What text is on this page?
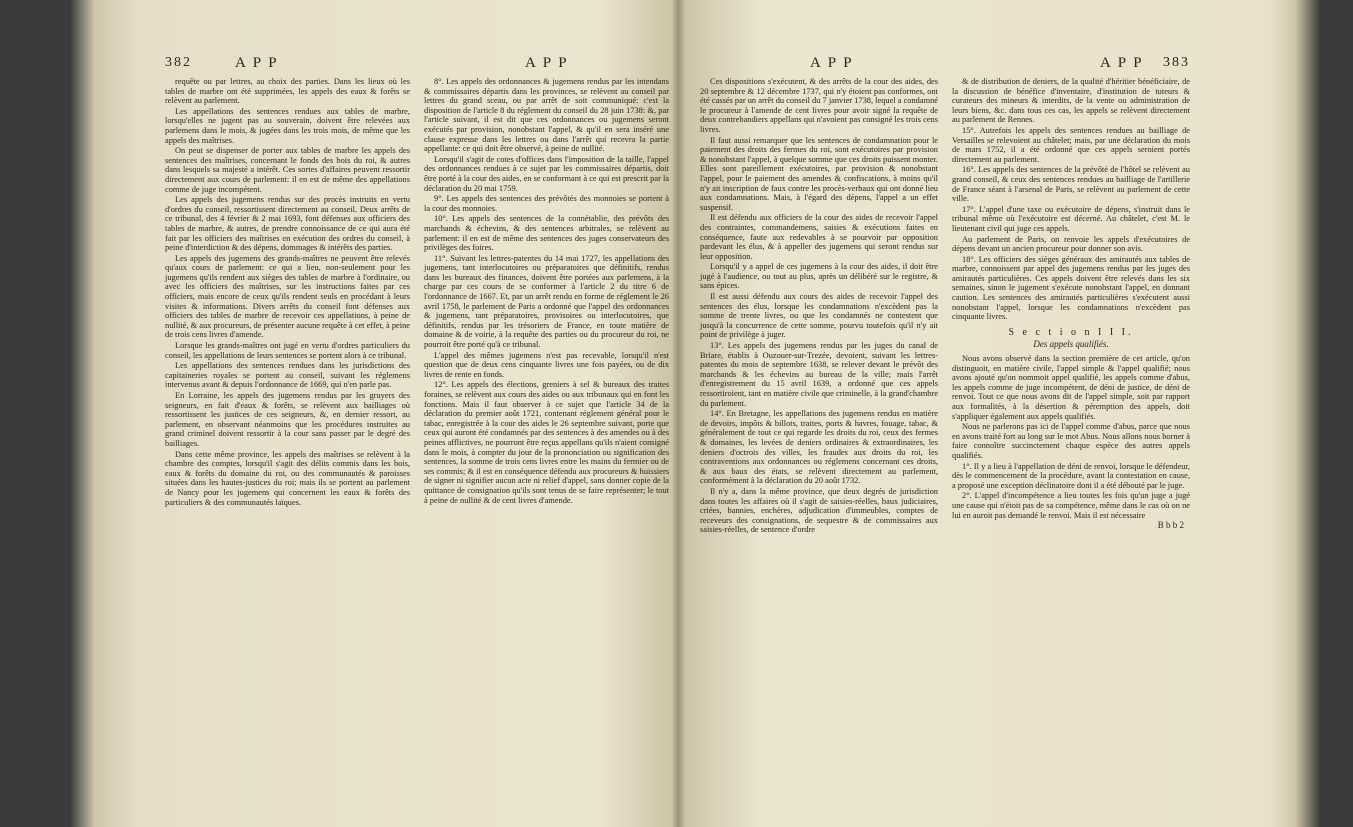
382	A P P	A P P

requête ou par lettres, au choix des parties. Dans les lieux où les tables de marbre ont été supprimées, les appels des eaux & forêts se relèvent au parlement.

Les appellations des sentences rendues aux tables de marbre, lorsqu'elles ne jugent pas au souverain, doivent être relevées aux parlemens dans le mois, & jugées dans les trois mois, de même que les appels des maîtrises.

On peut se dispenser de porter aux tables de marbre les appels des sentences des maîtrises, concernant le fonds des bois du roi, & autres dans lesquels sa majesté a intérêt. Ces sortes d'affaires peuvent ressortir directement aux cours de parlement: il en est de même des appellations comme de juge incompétent.

Les appels des jugemens rendus sur des procès instruits en vertu d'ordres du conseil, ressortissent directement au conseil. Deux arrêts de ce tribunal, des 4 février & 2 mai 1693, font défenses aux officiers des tables de marbre, & autres, de prendre connoissance de ce qui aura été fait par les officiers des maîtrises en exécution des ordres du conseil, à peine d'interdiction & des dépens, dommages & intérêts des parties.

Les appels des jugemens des grands-maîtres ne peuvent être relevés qu'aux cours de parlement: ce qui a lieu, non-seulement pour les jugemens qu'ils rendent aux sièges des tables de marbre à l'ordinaire, ou avec les officiers des maîtrises, sur les instructions faites par ces officiers, mais encore de ceux qu'ils rendent seuls en procédant à leurs visites & informations. Divers arrêts du conseil font défenses aux officiers des tables de marbre de recevoir ces appellations, à peine de nullité, & aux procureurs, de présenter aucune requête à cet effet, à peine de trois cens livres d'amende.

Lorsque les grands-maîtres ont jugé en vertu d'ordres particuliers du conseil, les appellations de leurs sentences se portent alors à ce tribunal.

Les appellations des sentences rendues dans les jurisdictions des capitaineries royales se portent au conseil, suivant les réglemens intervenus avant & depuis l'ordonnance de 1669, qui n'en parle pas.

En Lorraine, les appels des jugemens rendus par les gruyers des seigneurs, en fait d'eaux & forêts, se relèvent aux bailliages où ressortissent les justices de ces seigneurs, &, en dernier ressort, au parlement, en observant néanmoins que les procédures instruites au grand criminel doivent ressortir à la cour sans passer par le degré des bailliages.

Dans cette même province, les appels des maîtrises se relèvent à la chambre des comptes, lorsqu'il s'agit des délits commis dans les bois, eaux & forêts du domaine du roi, ou des communautés & paroisses situées dans les hautes-justices du roi; mais ils se portent au parlement de Nancy pour les jugemens qui concernent les eaux & forêts des particuliers & des communautés laïques.

8°. Les appels des ordonnances & jugemens rendus par les intendans & commissaires départis dans les provinces, se relèvent au conseil par lettres du grand sceau, ou par arrêt de soit communiqué: c'est la disposition de l'article 8 du réglement du conseil du 28 juin 1738: &, par l'article suivant, il est dit que ces ordonnances ou jugemens seront exécutés par provision, nonobstant l'appel, & qu'il en sera inséré une clause expresse dans les lettres ou dans l'arrêt qui recevra la partie appellante: ce qui doit être observé, à peine de nullité.

Lorsqu'il s'agit de cotes d'offices dans l'imposition de la taille, l'appel des ordonnances rendues à ce sujet par les commissaires départis, doit être porté à la cour des aides, en se conformant à ce qui est prescrit par la déclaration du 20 mai 1759.

9°. Les appels des sentences des prévôtés des monnoies se portent à la cour des monnoies.

10°. Les appels des sentences de la connétablie, des prévôts des marchands & échevins, & des sentences arbitrales, se relèvent au parlement: il en est de même des sentences des juges conservateurs des privilèges des foires.

11°. Suivant les lettres-patentes du 14 mai 1727, les appellations des jugemens, tant interlocutoires ou préparatoires que définitifs, rendus dans les bureaux des finances, doivent être portées aux parlemens, à la charge par ces cours de se conformer à l'article 2 du titre 6 de l'ordonnance de 1667. Et, par un arrêt rendu en forme de réglement le 26 avril 1758, le parlement de Paris a ordonné que l'appel des ordonnances & jugemens, tant préparatoires, provisoires ou interlocutoires, que définitifs, rendus par les trésoriers de France, en toute matière de domaine & de voirie, à la requête des parties ou du procureur du roi, ne pourroit être porté qu'à ce tribunal.

L'appel des mêmes jugemens n'est pas recevable, lorsqu'il n'est question que de deux cens cinquante livres une fois payées, ou de dix livres de rente en fonds.

12°. Les appels des élections, greniers à sel & bureaux des traites foraines, se relèvent aux cours des aides ou aux tribunaux qui en font les fonctions. Mais il faut observer à ce sujet que l'article 34 de la déclaration du premier août 1721, contenant réglement général pour le tabac, enregistrée à la cour des aides le 26 septembre suivant, porte que ceux qui auront été condamnés par des sentences à des amendes ou à des peines afflictives, ne pourront être reçus appellans qu'ils n'aient consigné dans le mois, à compter du jour de la prononciation ou signification des sentences, la somme de trois cens livres entre les mains du fermier ou de ses commis; & il est en conséquence défendu aux procureurs & huissiers de signer ni signifier aucun acte ni relief d'appel, sans donner copie de la quittance de consignation qu'ils sont tenus de se faire représenter; le tout à peine de nullité & de cent livres d'amende.

A P P	A P P 383

Ces dispositions s'exécutent, & des arrêts de la cour des aides, des 20 septembre & 12 décembre 1737, qui n'y étoient pas conformes, ont été cassés par un arrêt du conseil du 7 janvier 1738, lequel a condamné le procureur à l'amende de cent livres pour avoir signé la requête de deux contrebandiers appellans qui n'avoient pas consigné les trois cens livres.

Il faut aussi remarquer que les sentences de condamnation pour le paiement des droits des fermes du roi, sont exécutoires par provision & nonobstant l'appel, à quelque somme que ces droits puissent monter. Elles sont pareillement exécutoires, par provision & nonobstant l'appel, pour le paiement des amendes & confiscations, à moins qu'il n'y ait inscription de faux contre les procès-verbaux qui ont donné lieu aux condamnations. Mais, à l'égard des dépens, l'appel a un effet suspensif.

Il est défendu aux officiers de la cour des aides de recevoir l'appel des contraintes, commandemens, saisies & exécutions faites en conséquence, faute aux redevables à se pourvoir par opposition pardevant les élus, & à appeller des jugemens qui seront rendus sur leur opposition.

Lorsqu'il y a appel de ces jugemens à la cour des aides, il doit être jugé à l'audience, ou tout au plus, après un délibéré sur le registre, & sans épices.

Il est aussi défendu aux cours des aides de recevoir l'appel des sentences des élus, lorsque les condamnations n'excèdent pas la somme de trente livres, ou que les condamnés ne contestent que jusqu'à la concurrence de cette somme, pourvu toutefois qu'il n'y ait point de privilège à juger.

13°. Les appels des jugemens rendus par les juges du canal de Briare, établis à Ouzouer-sur-Trezée, devoient, suivant les lettres-patentes du mois de septembre 1638, se relever devant le prévôt des marchands & les échevins au bureau de la ville; mais l'arrêt d'enregistrement du 15 avril 1639, a ordonné que ces appels ressortiroient, tant en matière civile que criminelle, à la grand'chambre du parlement.

14°. En Bretagne, les appellations des jugemens rendus en matière de devoirs, impôts & billots, traites, ports & havres, fouage, tabac, & généralement de tout ce qui regarde les droits du roi, ceux des fermes & domaines, les levées de deniers ordinaires & extraordinaires, les deniers d'octrois des villes, les fraudes aux droits du roi, les contraventions aux ordonnances ou réglemens concernant ces droits, & aux baux des états, se relèvent directement au parlement, conformément à la déclaration du 20 août 1732.

Il n'y a, dans la même province, que deux degrés de jurisdiction dans toutes les affaires où il s'agit de saisies-réelles, baux judiciaires, criées, bannies, enchères, adjudication d'immeubles, comptes de receveurs des consignations, de sequestre & de commissaires aux saisies-réelles, de sentence d'ordre

& de distribution de deniers, de la qualité d'héritier bénéficiaire, de la discussion de bénéfice d'inventaire, d'institution de tuteurs & curateurs des mineurs & interdits, de la vente ou administration de leurs biens, &c. dans tous ces cas, les appels se relèvent directement au parlement de Rennes.

15°. Autrefois les appels des sentences rendues au bailliage de Versailles se relevoient au châtelet; mais, par une déclaration du mois de mars 1752, il a été ordonné que ces appels seroient portés directement au parlement.

16°. Les appels des sentences de la prévôté de l'hôtel se relèvent au grand conseil, & ceux des sentences rendues au bailliage de l'artillerie de France séant à l'arsenal de Paris, se relèvent au parlement de cette ville.

17°. L'appel d'une taxe ou exécutoire de dépens, s'instruit dans le tribunal même où l'exécutoire est décerné. Au châtelet, c'est M. le lieutenant civil qui juge ces appels.

Au parlement de Paris, on renvoie les appels d'exécutoires de dépens devant un ancien procureur pour donner son avis.

18°. Les officiers des sièges généraux des amirautés aux tables de marbre, connoissent par appel des jugemens rendus par les juges des amirautés particulières. Ces appels doivent être relevés dans les six semaines, sinon le jugement s'exécute nonobstant l'appel, en donnant caution. Les sentences des amirautés particulières s'exécutent aussi nonobstant l'appel, lorsque les condamnations n'excèdent pas cinquante livres.

S e c t i o n I I I.
Des appels qualifiés.

Nous avons observé dans la section première de cet article, qu'on distinguoit, en matière civile, l'appel simple & l'appel qualifié; nous avons ajouté qu'on nommoit appel qualifié, les appels comme d'abus, les appels comme de juge incompétent, de déni de justice, de déni de renvoi. Tout ce que nous avons dit de l'appel simple, soit par rapport aux formalités, à la désertion & péremption des appels, doit s'appliquer également aux appels qualifiés.

Nous ne parlerons pas ici de l'appel comme d'abus, parce que nous en avons traité fort au long sur le mot Abus. Nous allons nous borner à faire connoître succinctement chaque espèce des autres appels qualifiés.

1°. Il y a lieu à l'appellation de déni de renvoi, lorsque le défendeur, dès le commencement de la procédure, avant la contestation en cause, a proposé une exception déclinatoire dont il a été débouté par le juge.

2°. L'appel d'incompétence a lieu toutes les fois qu'un juge a jugé une cause qui n'étoit pas de sa compétence, même dans le cas où on ne lui en auroit pas demandé le renvoi. Mais il est nécessaire

B b b 2
